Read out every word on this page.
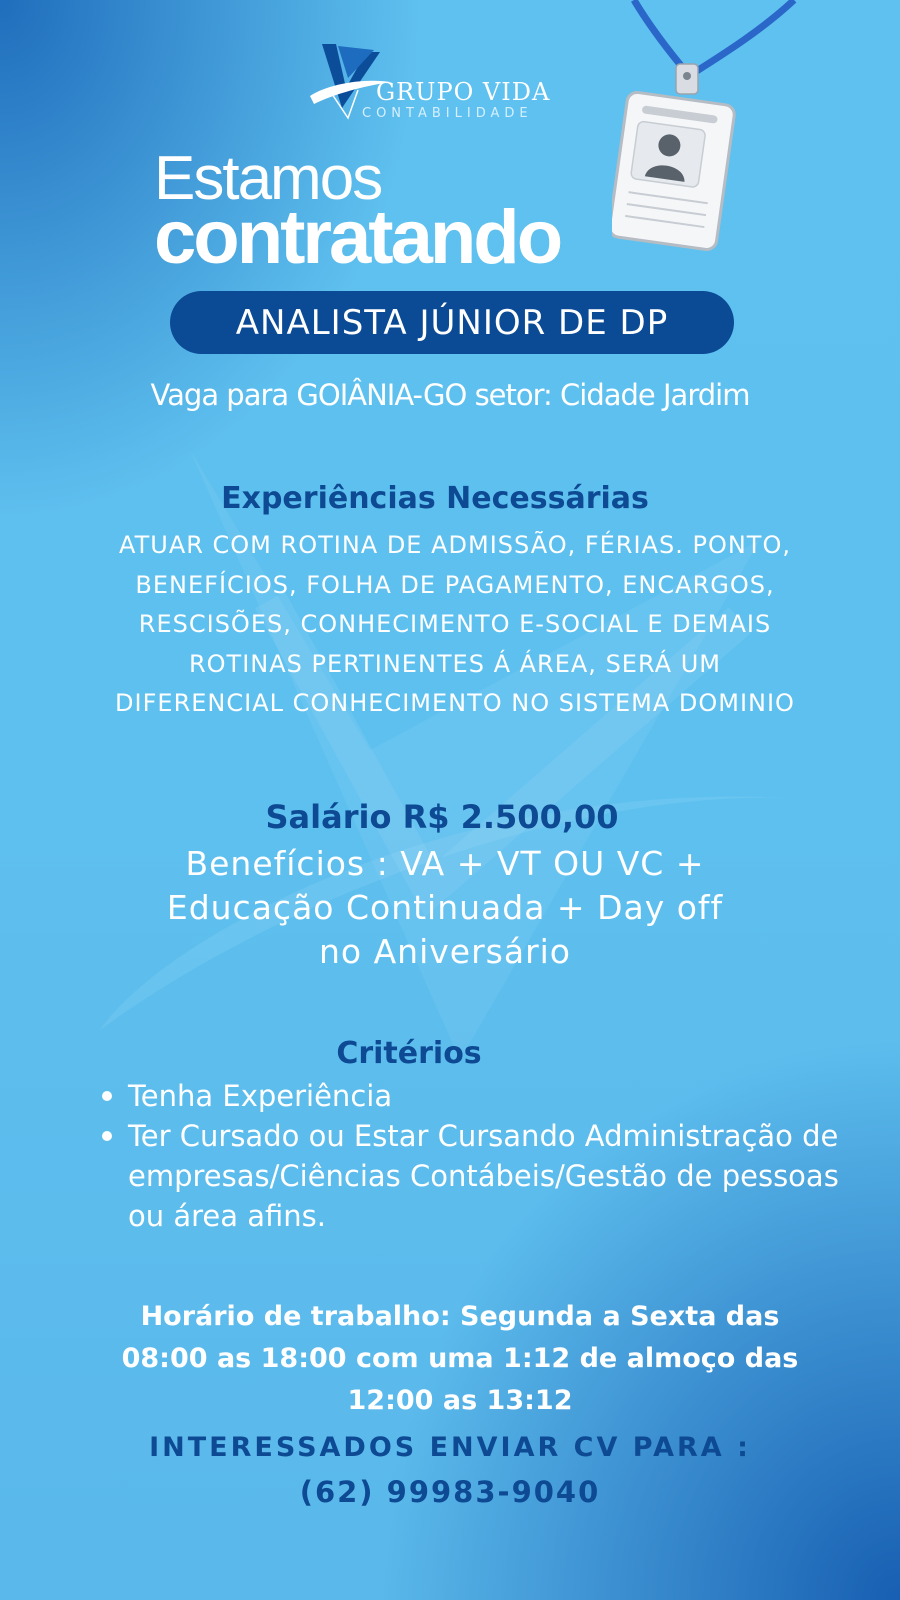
GRUPO VIDA
CONTABILIDADE
Estamos
contratando
ANALISTA JÚNIOR DE DP
Vaga para GOIÂNIA-GO setor: Cidade Jardim
Experiências Necessárias
ATUAR COM ROTINA DE ADMISSÃO, FÉRIAS. PONTO, BENEFÍCIOS, FOLHA DE PAGAMENTO, ENCARGOS, RESCISÕES, CONHECIMENTO E-SOCIAL E DEMAIS ROTINAS PERTINENTES Á ÁREA, SERÁ UM DIFERENCIAL CONHECIMENTO NO SISTEMA DOMINIO
Salário R$ 2.500,00
Benefícios : VA + VT OU VC + Educação Continuada + Day off no Aniversário
Critérios
Tenha Experiência
Ter Cursado ou Estar Cursando Administração de empresas/Ciências Contábeis/Gestão de pessoas ou área afins.
Horário de trabalho: Segunda a Sexta das 08:00 as 18:00 com uma 1:12 de almoço das 12:00 as 13:12
INTERESSADOS ENVIAR CV PARA :
(62) 99983-9040
